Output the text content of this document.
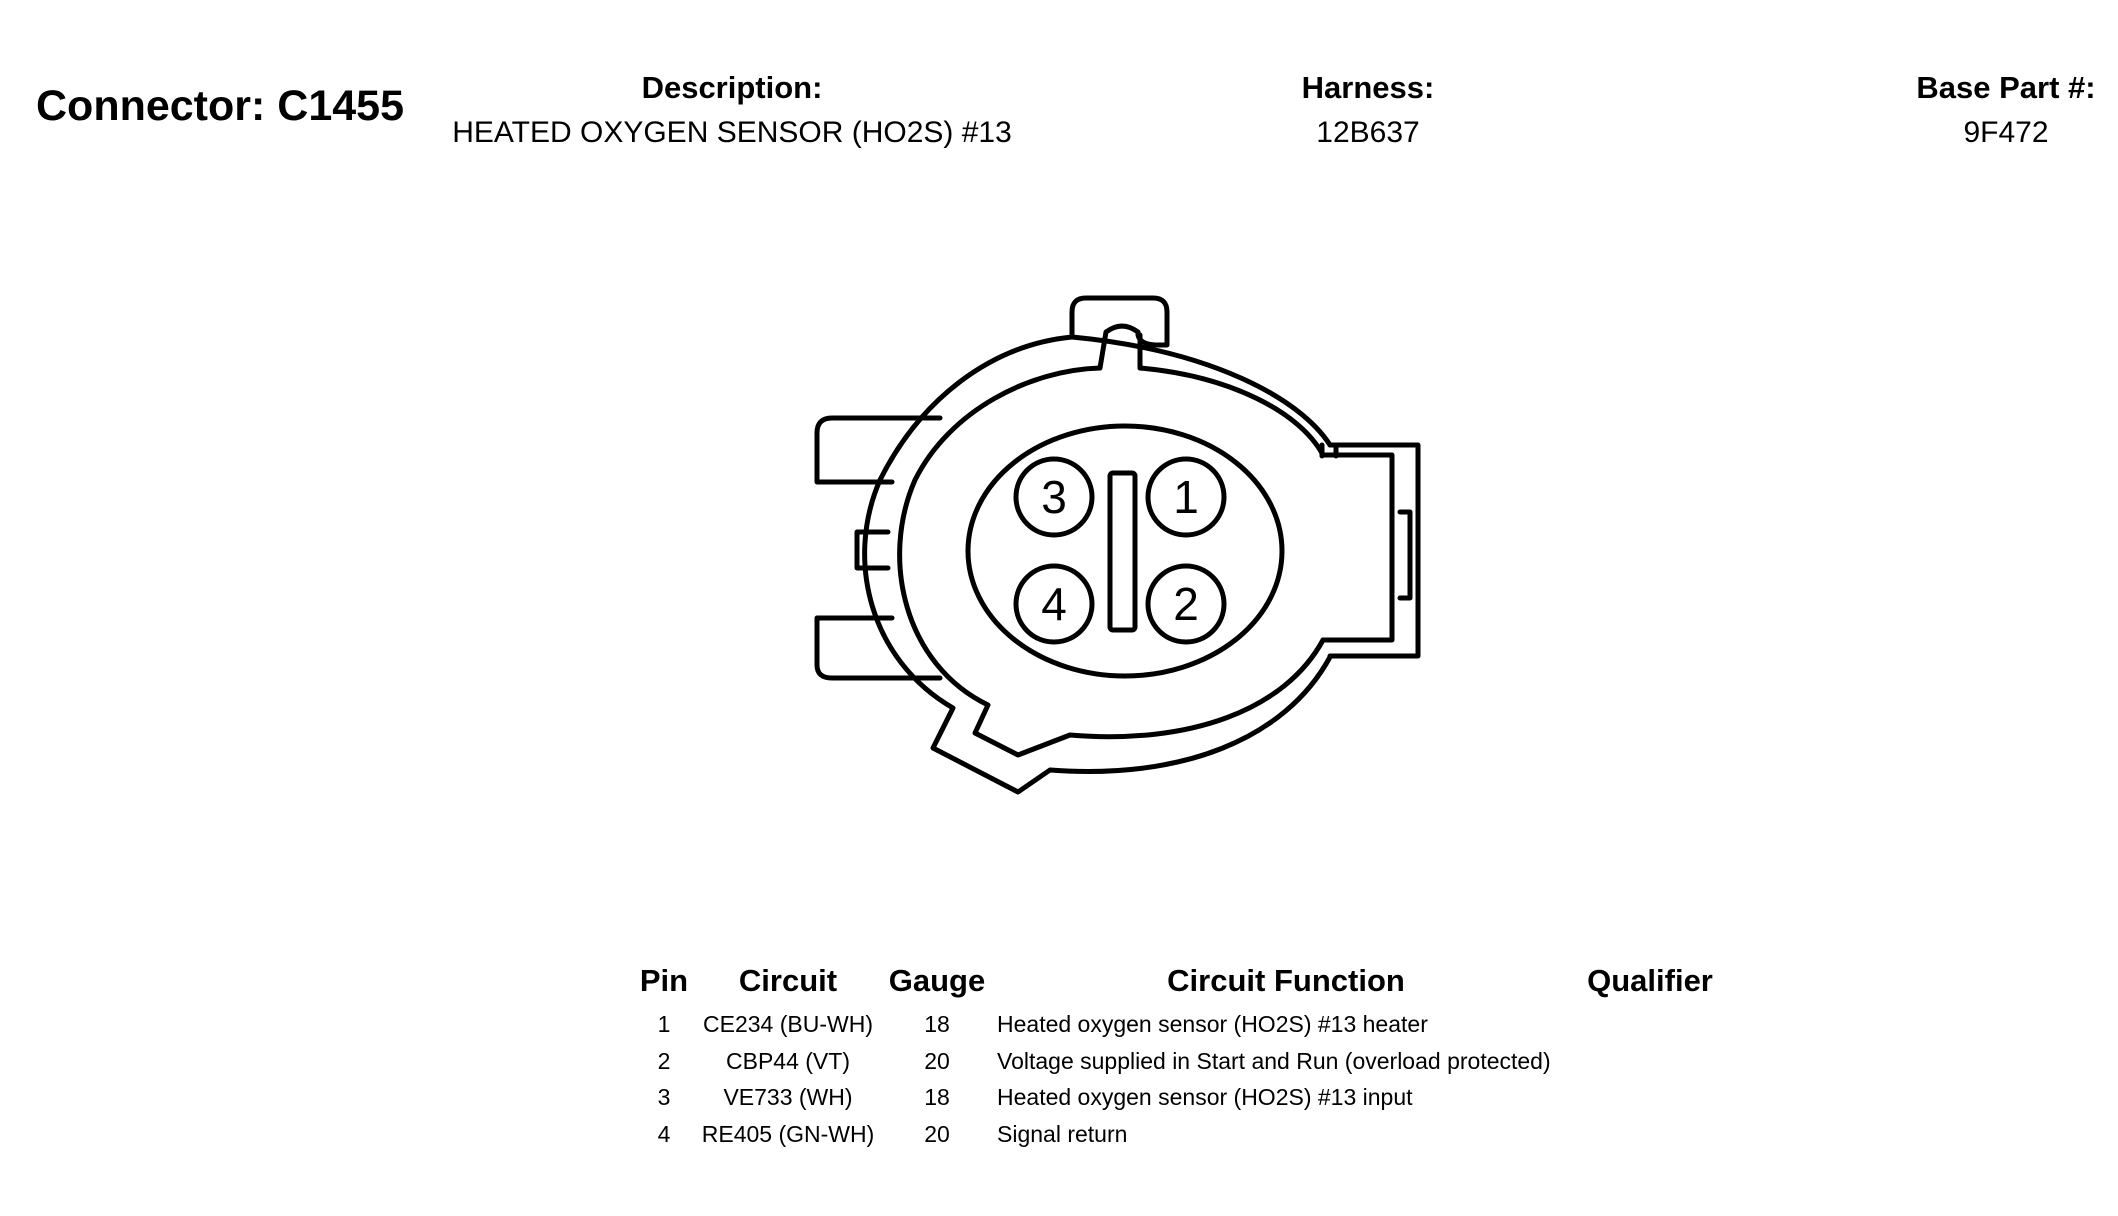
Connector: C1455	Description:
HEATED OXYGEN SENSOR (HO2S) #13
Harness:
12B637
Base Part #:
9F472
3 1
4 2
Pin Circuit Gauge	Circuit Function	Qualifier
1 CE234 (BU-WH) 18 Heated oxygen sensor (HO2S) #13 heater
2 CBP44 (VT)	20 Voltage supplied in Start and Run (overload protected)
3 VE733 (WH)	18 Heated oxygen sensor (HO2S) #13 input
4 RE405 (GN-WH) 20 Signal return
